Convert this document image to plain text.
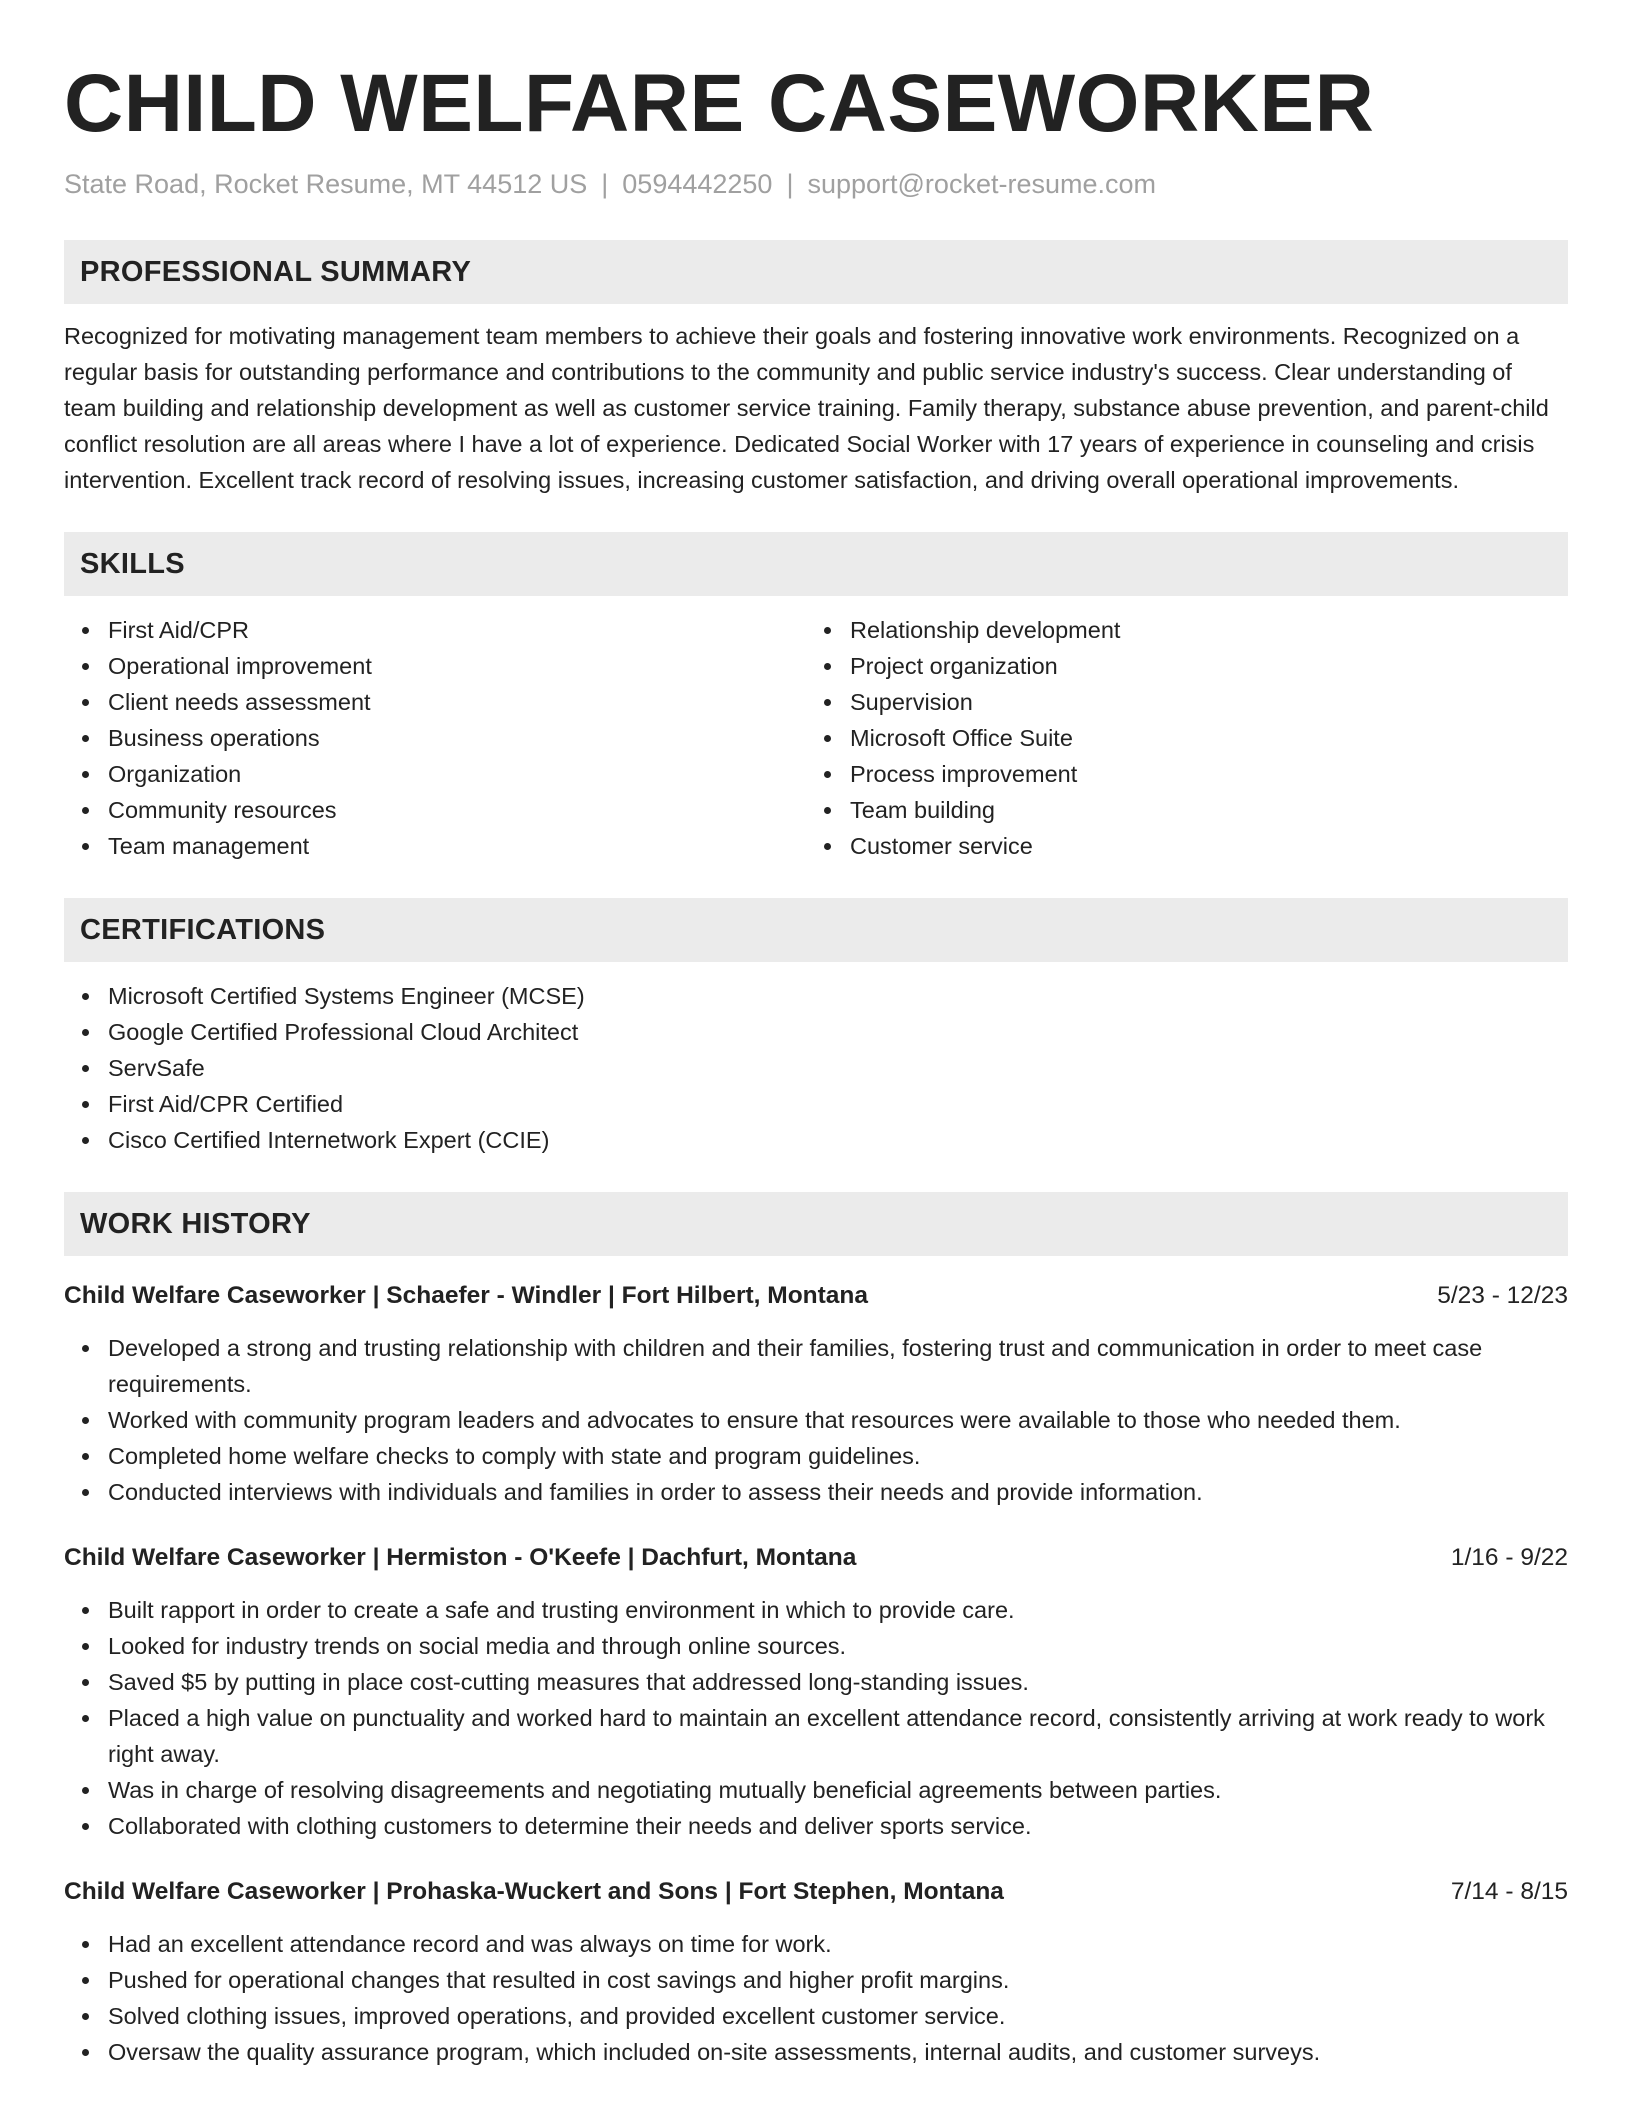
CHILD WELFARE CASEWORKER
State Road, Rocket Resume, MT 44512 US | 0594442250 | support@rocket-resume.com
PROFESSIONAL SUMMARY
Recognized for motivating management team members to achieve their goals and fostering innovative work environments. Recognized on a regular basis for outstanding performance and contributions to the community and public service industry's success. Clear understanding of team building and relationship development as well as customer service training. Family therapy, substance abuse prevention, and parent-child conflict resolution are all areas where I have a lot of experience. Dedicated Social Worker with 17 years of experience in counseling and crisis intervention. Excellent track record of resolving issues, increasing customer satisfaction, and driving overall operational improvements.
SKILLS
First Aid/CPR
Operational improvement
Client needs assessment
Business operations
Organization
Community resources
Team management
Relationship development
Project organization
Supervision
Microsoft Office Suite
Process improvement
Team building
Customer service
CERTIFICATIONS
Microsoft Certified Systems Engineer (MCSE)
Google Certified Professional Cloud Architect
ServSafe
First Aid/CPR Certified
Cisco Certified Internetwork Expert (CCIE)
WORK HISTORY
Child Welfare Caseworker | Schaefer - Windler | Fort Hilbert, Montana	5/23 - 12/23
Developed a strong and trusting relationship with children and their families, fostering trust and communication in order to meet case requirements.
Worked with community program leaders and advocates to ensure that resources were available to those who needed them.
Completed home welfare checks to comply with state and program guidelines.
Conducted interviews with individuals and families in order to assess their needs and provide information.
Child Welfare Caseworker | Hermiston - O'Keefe | Dachfurt, Montana	1/16 - 9/22
Built rapport in order to create a safe and trusting environment in which to provide care.
Looked for industry trends on social media and through online sources.
Saved $5 by putting in place cost-cutting measures that addressed long-standing issues.
Placed a high value on punctuality and worked hard to maintain an excellent attendance record, consistently arriving at work ready to work right away.
Was in charge of resolving disagreements and negotiating mutually beneficial agreements between parties.
Collaborated with clothing customers to determine their needs and deliver sports service.
Child Welfare Caseworker | Prohaska-Wuckert and Sons | Fort Stephen, Montana	7/14 - 8/15
Had an excellent attendance record and was always on time for work.
Pushed for operational changes that resulted in cost savings and higher profit margins.
Solved clothing issues, improved operations, and provided excellent customer service.
Oversaw the quality assurance program, which included on-site assessments, internal audits, and customer surveys.
